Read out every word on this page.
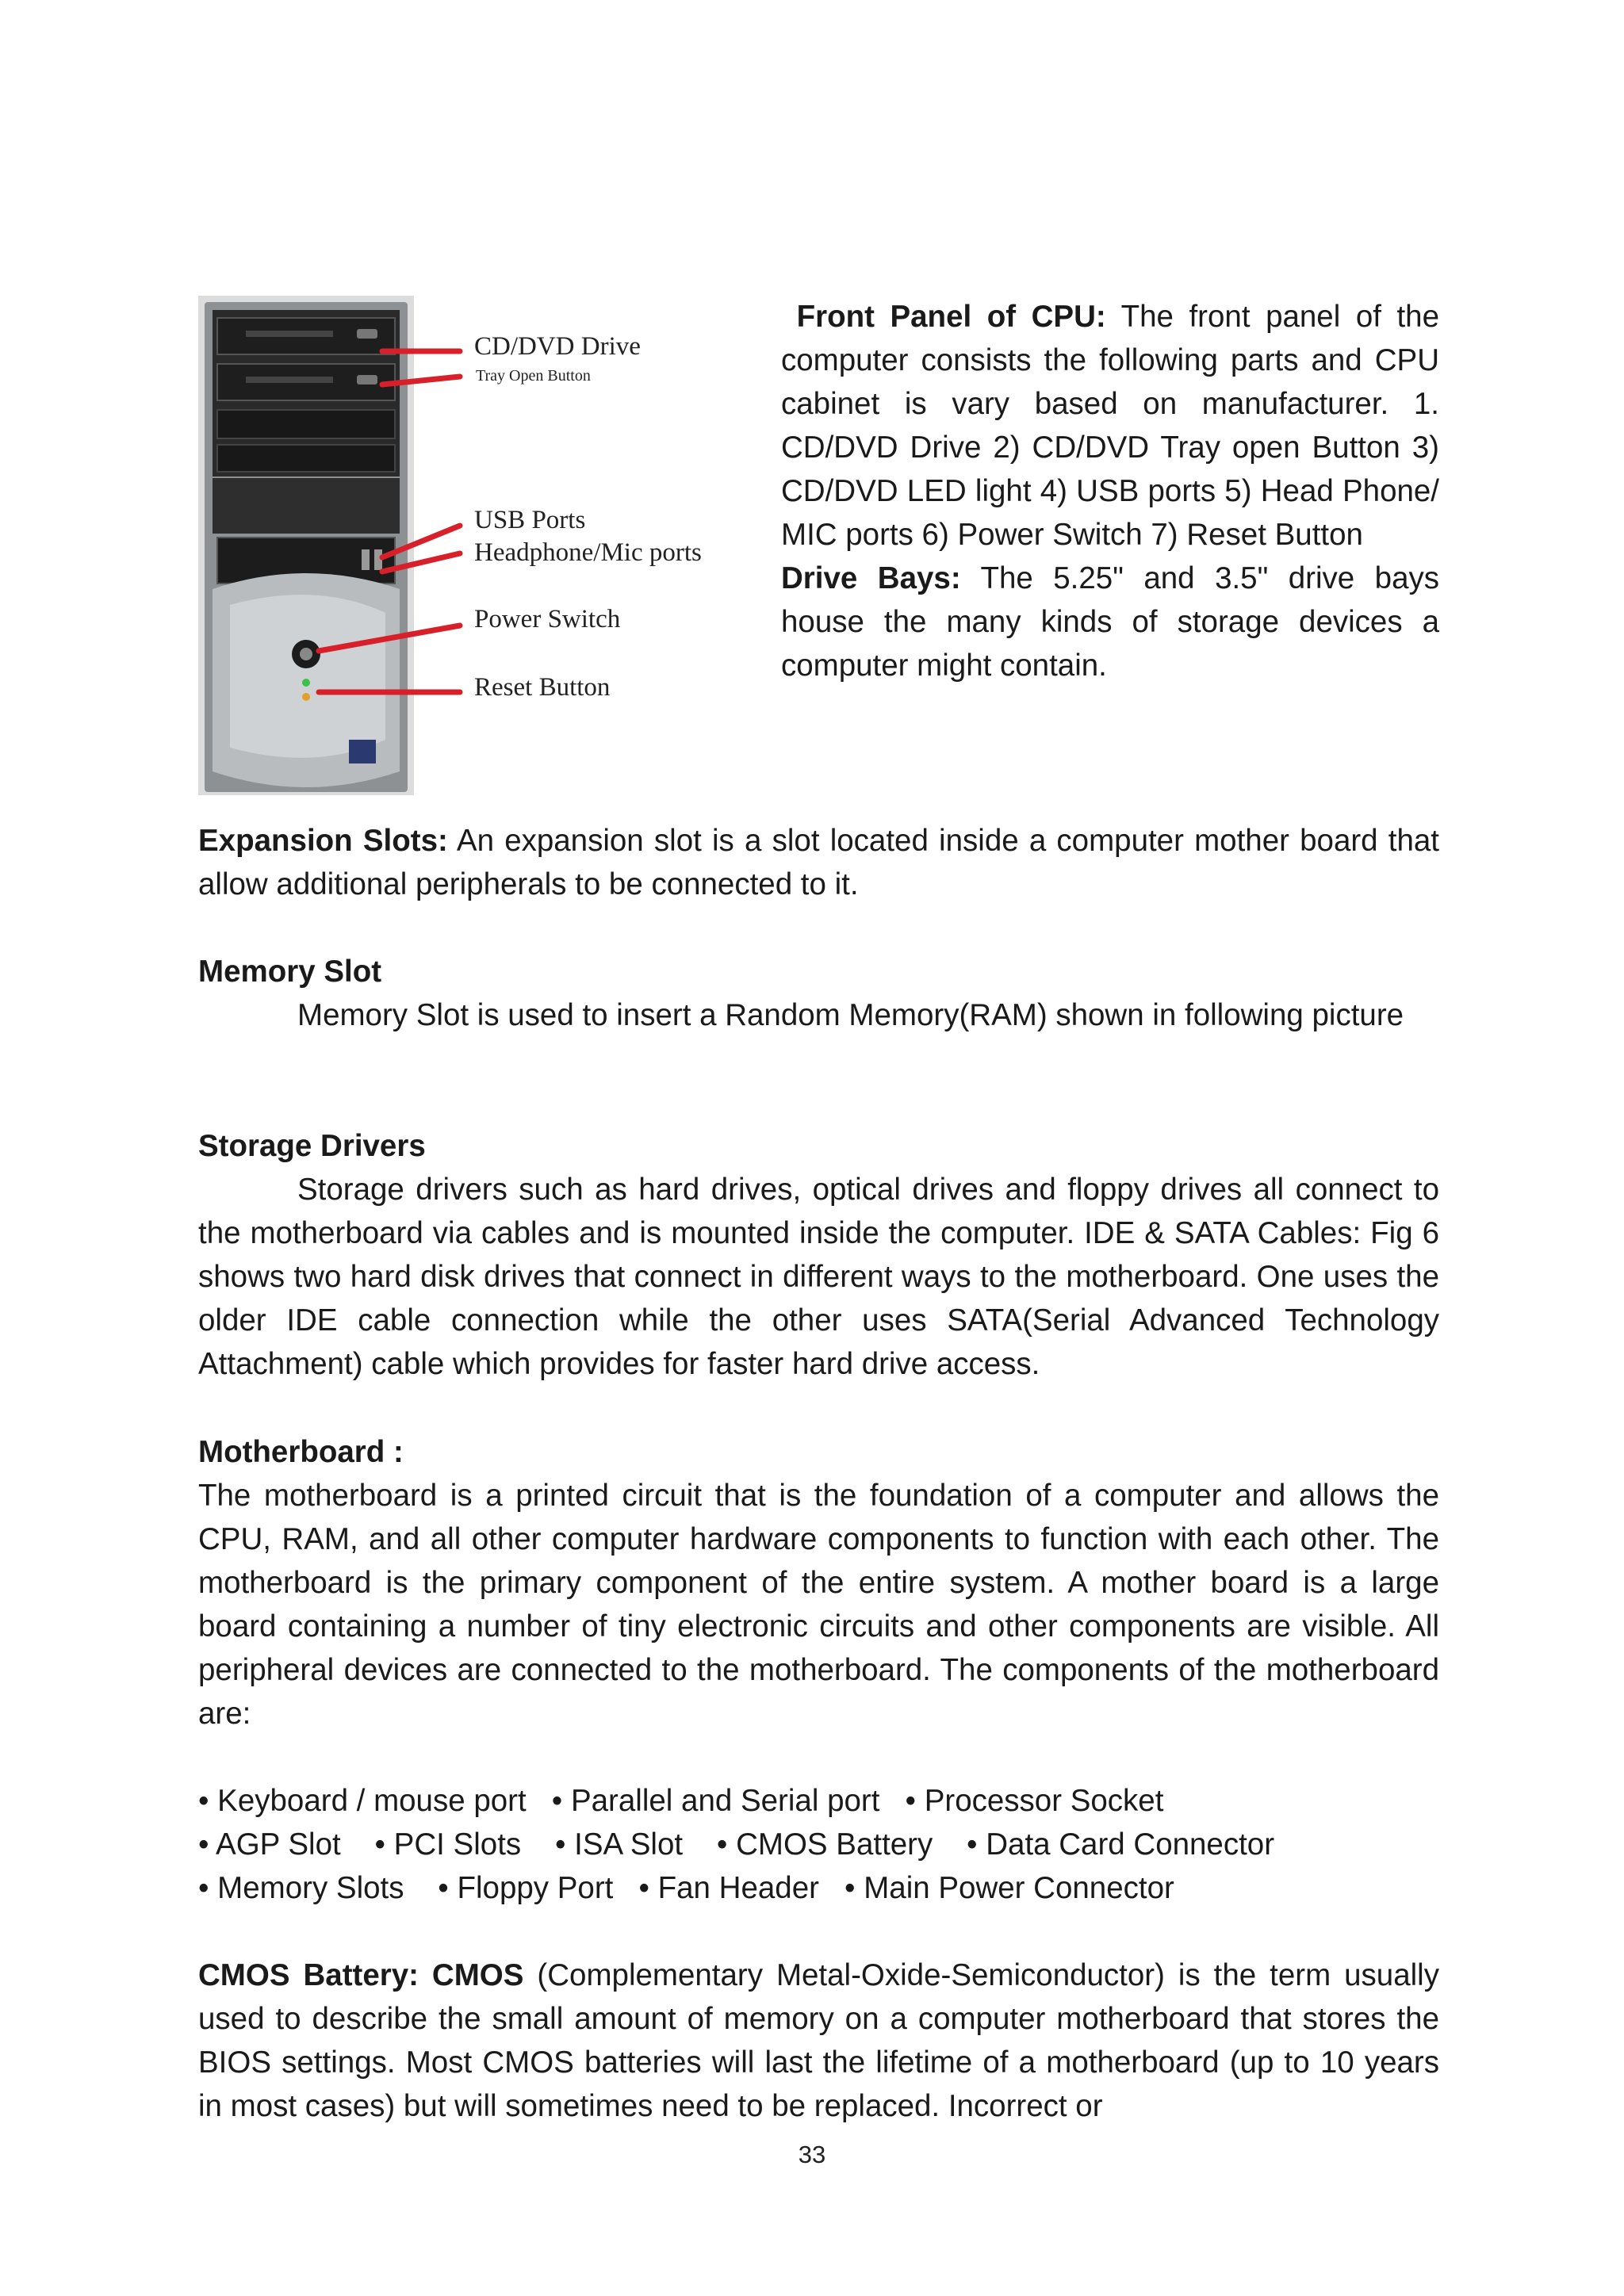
CD/DVD Drive
Tray Open Button
USB Ports
Headphone/Mic ports
Power Switch
Reset Button

Front Panel of CPU: The front panel of the computer consists the following parts and CPU cabinet is vary based on manufacturer. 1. CD/DVD Drive 2) CD/DVD Tray open Button 3) CD/DVD LED light 4) USB ports 5) Head Phone/ MIC ports 6) Power Switch 7) Reset Button

Drive Bays: The 5.25" and 3.5" drive bays house the many kinds of storage devices a computer might contain.

Expansion Slots: An expansion slot is a slot located inside a computer mother board that allow additional peripherals to be connected to it.
Memory Slot
Memory Slot is used to insert a Random Memory(RAM) shown in following picture
Storage Drivers
Storage drivers such as hard drives, optical drives and floppy drives all connect to the motherboard via cables and is mounted inside the computer. IDE & SATA Cables: Fig 6 shows two hard disk drives that connect in different ways to the motherboard. One uses the older IDE cable connection while the other uses SATA(Serial Advanced Technology Attachment) cable which provides for faster hard drive access.
Motherboard :
The motherboard is a printed circuit that is the foundation of a computer and allows the CPU, RAM, and all other computer hardware components to function with each other. The motherboard is the primary component of the entire system. A mother board is a large board containing a number of tiny electronic circuits and other components are visible. All peripheral devices are connected to the motherboard. The components of the motherboard are:
• Keyboard / mouse port • Parallel and Serial port • Processor Socket
• AGP Slot • PCI Slots • ISA Slot • CMOS Battery • Data Card Connector
• Memory Slots • Floppy Port • Fan Header • Main Power Connector
CMOS Battery: CMOS (Complementary Metal-Oxide-Semiconductor) is the term usually used to describe the small amount of memory on a computer motherboard that stores the BIOS settings. Most CMOS batteries will last the lifetime of a motherboard (up to 10 years in most cases) but will sometimes need to be replaced. Incorrect or
33
